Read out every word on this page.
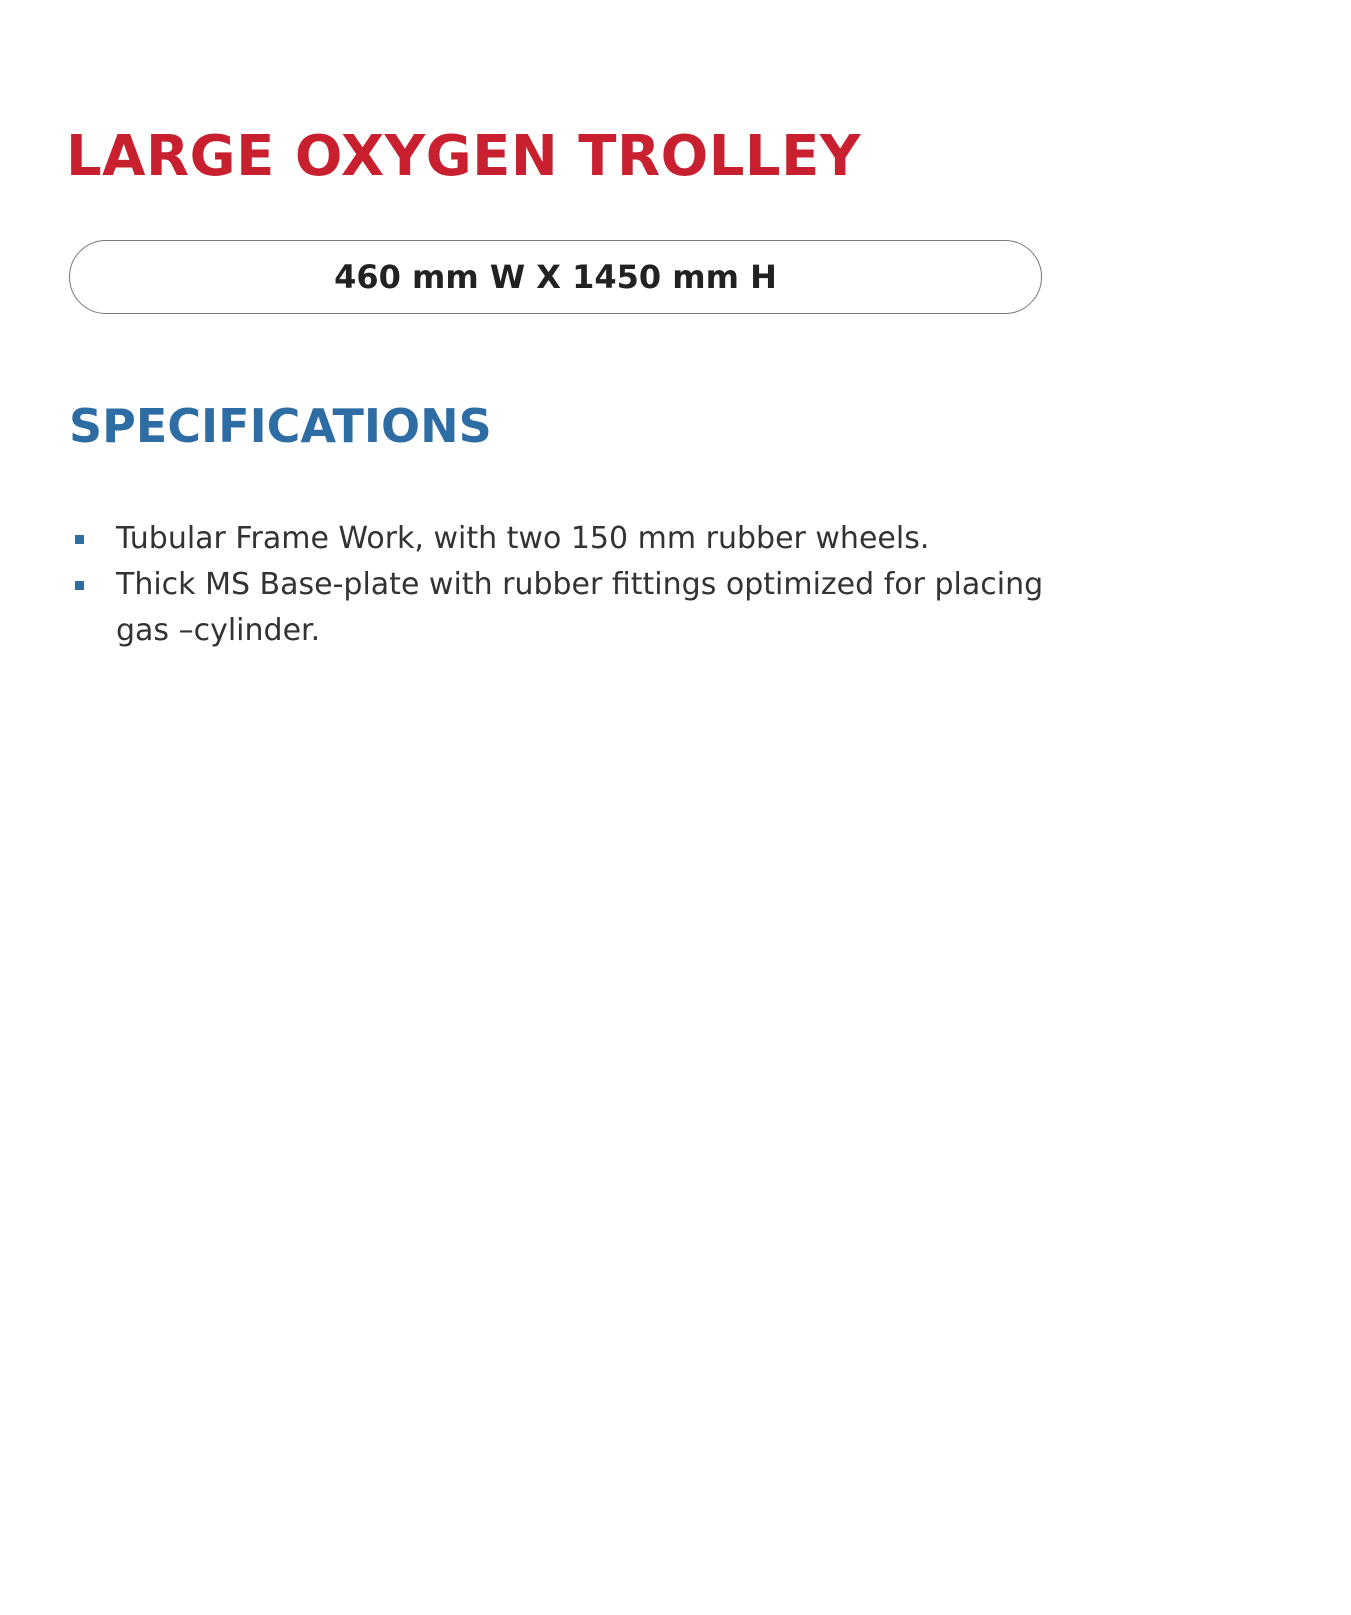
LARGE OXYGEN TROLLEY
460 mm W X 1450 mm H
SPECIFICATIONS
Tubular Frame Work, with two 150 mm rubber wheels.
Thick MS Base-plate with rubber fittings optimized for placing gas –cylinder.
